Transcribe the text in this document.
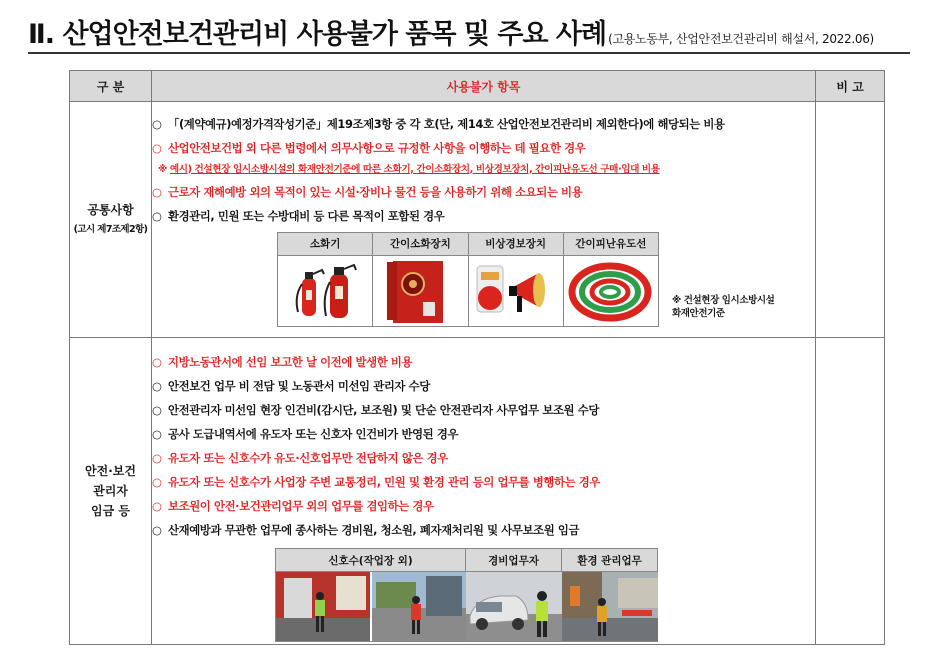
Ⅱ. 산업안전보건관리비 사용불가 품목 및 주요 사례 (고용노동부, 산업안전보건관리비 해설서, 2022.06)
구 분	사용불가 항목	비 고

공통사항
(고시 제7조제2항)

○ 「(계약예규)예정가격작성기준」제19조제3항 중 각 호(단, 제14호 산업안전보건관리비 제외한다)에 해당되는 비용
○ 산업안전보건법 외 다른 법령에서 의무사항으로 규정한 사항을 이행하는 데 필요한 경우
※ 예시) 건설현장 임시소방시설의 화재안전기준에 따른 소화기, 간이소화장치, 비상경보장치, 간이피난유도선 구매·임대 비용
○ 근로자 재해예방 외의 목적이 있는 시설·장비나 물건 등을 사용하기 위해 소요되는 비용
○ 환경관리, 민원 또는 수방대비 등 다른 목적이 포함된 경우
소화기	간이소화장치	비상경보장치	간이피난유도선

※ 건설현장 임시소방시설
화재안전기준

안전·보건
관리자
임금 등

○ 지방노동관서에 선임 보고한 날 이전에 발생한 비용
○ 안전보건 업무 비 전담 및 노동관서 미선임 관리자 수당
○ 안전관리자 미선임 현장 인건비(감시단, 보조원) 및 단순 안전관리자 사무업무 보조원 수당
○ 공사 도급내역서에 유도자 또는 신호자 인건비가 반영된 경우
○ 유도자 또는 신호수가 유도·신호업무만 전담하지 않은 경우
○ 유도자 또는 신호수가 사업장 주변 교통정리, 민원 및 환경 관리 등의 업무를 병행하는 경우
○ 보조원이 안전·보건관리업무 외의 업무를 겸임하는 경우
○ 산재예방과 무관한 업무에 종사하는 경비원, 청소원, 폐자재처리원 및 사무보조원 임금
신호수(작업장 외)	경비업무자	환경 관리업무
